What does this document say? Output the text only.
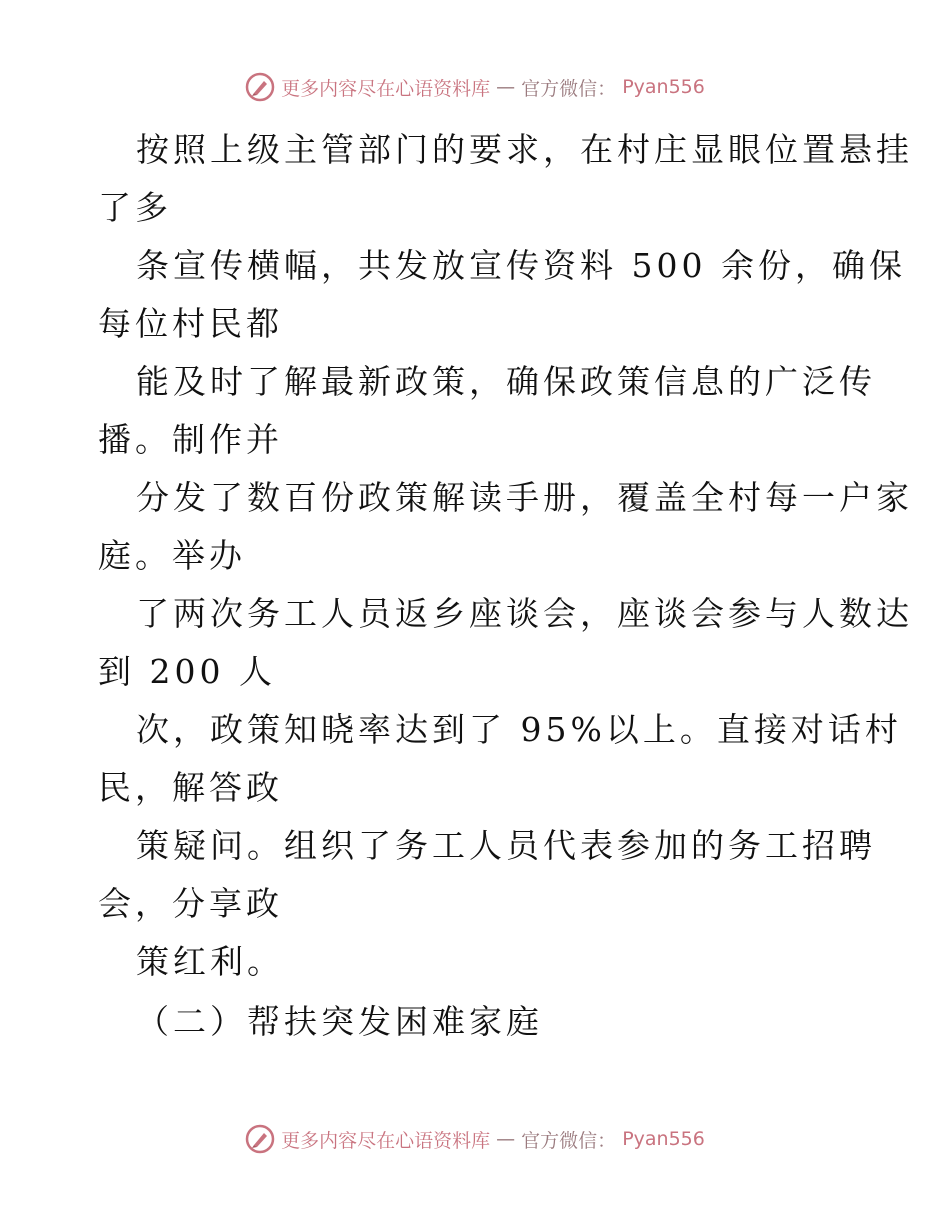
更多内容尽在心语资料库 — 官方微信： Pyan556
按照上级主管部门的要求，在村庄显眼位置悬挂
了多
条宣传横幅，共发放宣传资料 500 余份，确保
每位村民都
能及时了解最新政策，确保政策信息的广泛传
播。制作并
分发了数百份政策解读手册，覆盖全村每一户家
庭。举办
了两次务工人员返乡座谈会，座谈会参与人数达
到 200 人
次，政策知晓率达到了 95%以上。直接对话村
民，解答政
策疑问。组织了务工人员代表参加的务工招聘
会，分享政
策红利。
（二）帮扶突发困难家庭
更多内容尽在心语资料库 — 官方微信： Pyan556
